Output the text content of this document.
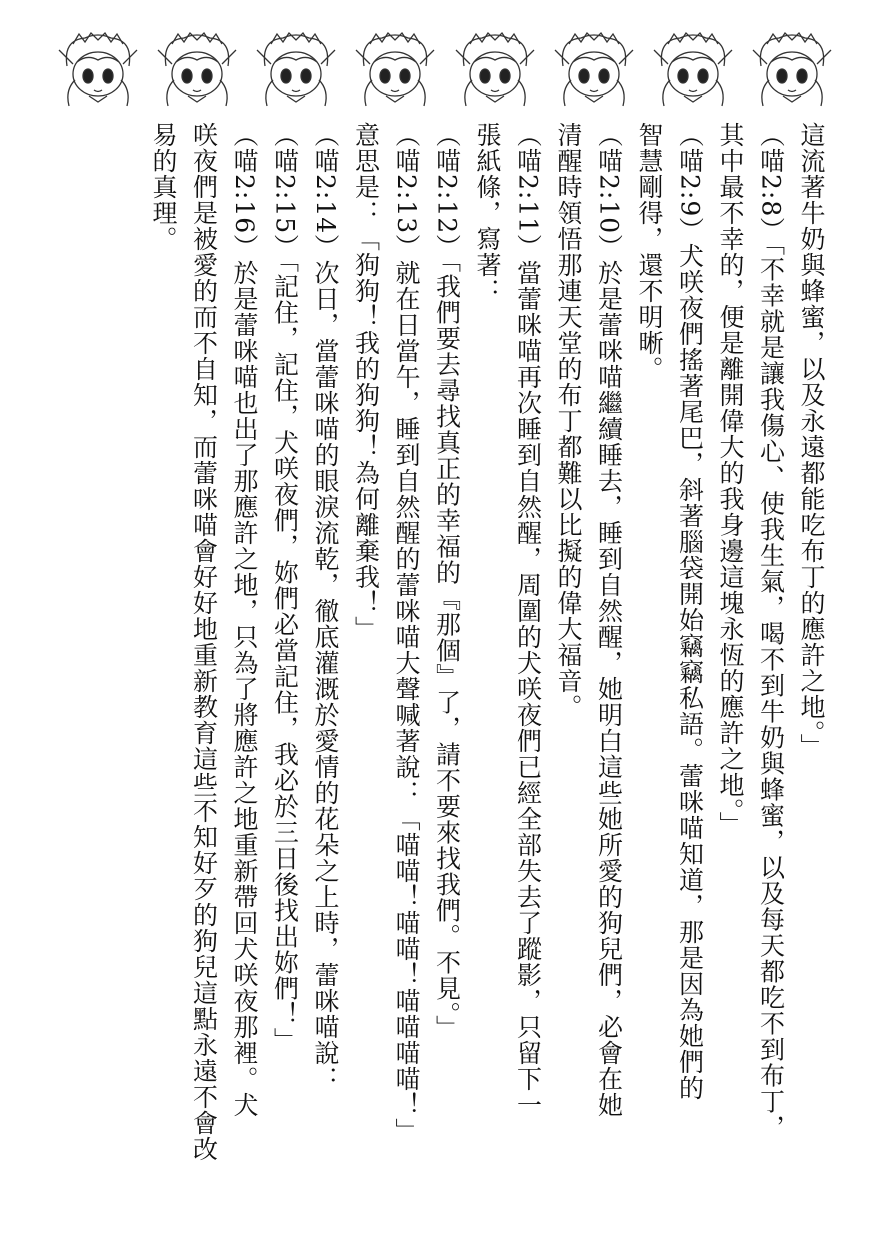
這流著牛奶與蜂蜜，以及永遠都能吃布丁的應許之地。」
（喵2:8）「不幸就是讓我傷心、使我生氣，喝不到牛奶與蜂蜜，以及每天都吃不到布丁，
其中最不幸的，便是離開偉大的我身邊這塊永恆的應許之地。」
（喵2:9）犬咲夜們搖著尾巴，斜著腦袋開始竊竊私語。蕾咪喵知道，那是因為她們的
智慧剛得，還不明晰。
（喵2:10）於是蕾咪喵繼續睡去，睡到自然醒，她明白這些她所愛的狗兒們，必會在她
清醒時領悟那連天堂的布丁都難以比擬的偉大福音。
（喵2:11）當蕾咪喵再次睡到自然醒，周圍的犬咲夜們已經全部失去了蹤影，只留下一
張紙條，寫著：
（喵2:12）「我們要去尋找真正的幸福的『那個』了，請不要來找我們。不見。」
（喵2:13）就在日當午，睡到自然醒的蕾咪喵大聲喊著說：「喵喵！喵喵！喵喵喵喵！」
意思是：「狗狗！我的狗狗！為何離棄我！」
（喵2:14）次日，當蕾咪喵的眼淚流乾，徹底灌溉於愛情的花朵之上時，蕾咪喵說：
（喵2:15）「記住，記住，犬咲夜們，妳們必當記住，我必於三日後找出妳們！」
（喵2:16）於是蕾咪喵也出了那應許之地，只為了將應許之地重新帶回犬咲夜那裡。犬
咲夜們是被愛的而不自知，而蕾咪喵會好好地重新教育這些不知好歹的狗兒這點永遠不會改
易的真理。
